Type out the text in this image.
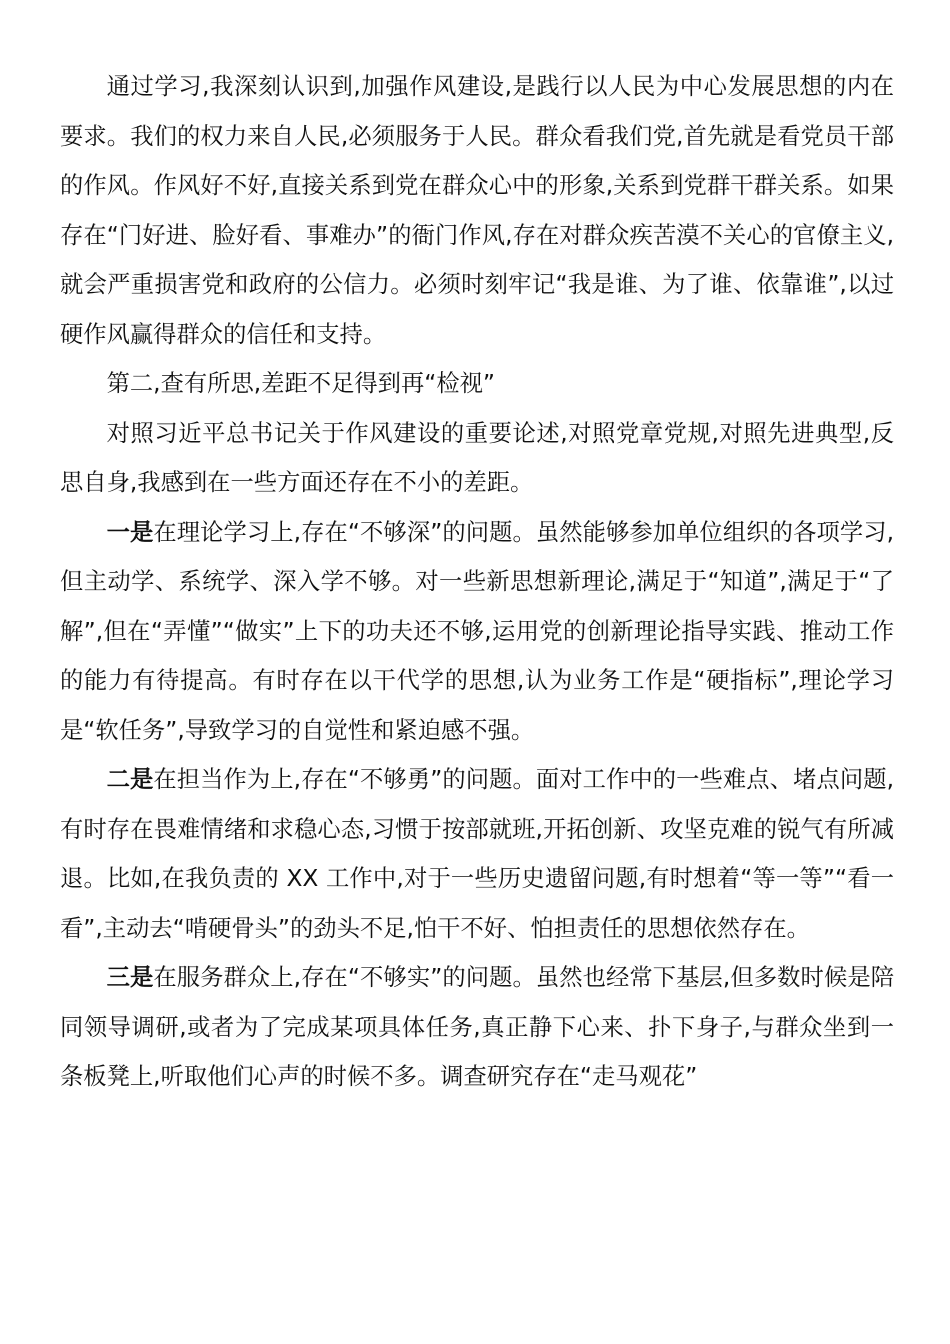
通过学习,我深刻认识到,加强作风建设,是践行以人民为中心发展思想的内在要求。我们的权力来自人民,必须服务于人民。群众看我们党,首先就是看党员干部的作风。作风好不好,直接关系到党在群众心中的形象,关系到党群干群关系。如果存在“门好进、脸好看、事难办”的衙门作风,存在对群众疾苦漠不关心的官僚主义,就会严重损害党和政府的公信力。必须时刻牢记“我是谁、为了谁、依靠谁”,以过硬作风赢得群众的信任和支持。

第二,查有所思,差距不足得到再“检视”

对照习近平总书记关于作风建设的重要论述,对照党章党规,对照先进典型,反思自身,我感到在一些方面还存在不小的差距。

一是在理论学习上,存在“不够深”的问题。虽然能够参加单位组织的各项学习,但主动学、系统学、深入学不够。对一些新思想新理论,满足于“知道”,满足于“了解”,但在“弄懂”“做实”上下的功夫还不够,运用党的创新理论指导实践、推动工作的能力有待提高。有时存在以干代学的思想,认为业务工作是“硬指标”,理论学习是“软任务”,导致学习的自觉性和紧迫感不强。

二是在担当作为上,存在“不够勇”的问题。面对工作中的一些难点、堵点问题,有时存在畏难情绪和求稳心态,习惯于按部就班,开拓创新、攻坚克难的锐气有所减退。比如,在我负责的 XX 工作中,对于一些历史遗留问题,有时想着“等一等”“看一看”,主动去“啃硬骨头”的劲头不足,怕干不好、怕担责任的思想依然存在。

三是在服务群众上,存在“不够实”的问题。虽然也经常下基层,但多数时候是陪同领导调研,或者为了完成某项具体任务,真正静下心来、扑下身子,与群众坐到一条板凳上,听取他们心声的时候不多。调查研究存在“走马观花”
